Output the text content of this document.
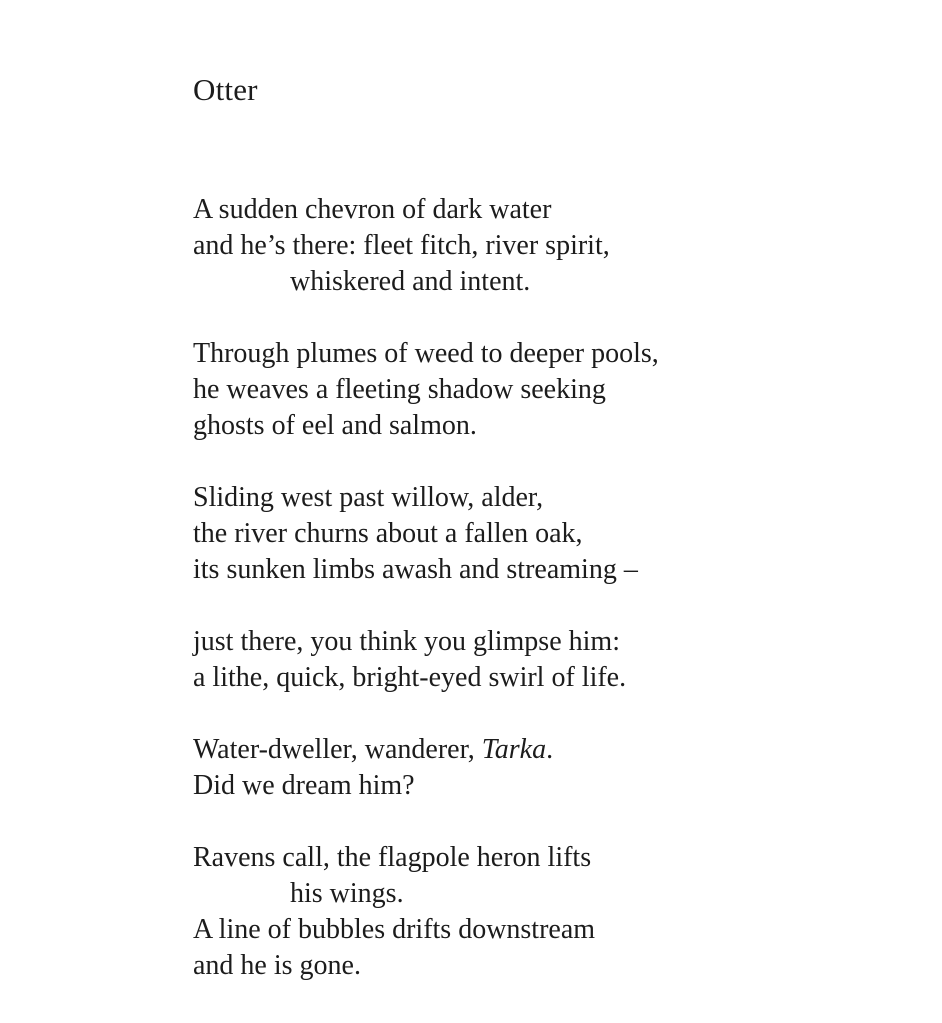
Otter
A sudden chevron of dark water
and he’s there: fleet fitch, river spirit,
whiskered and intent.
Through plumes of weed to deeper pools,
he weaves a fleeting shadow seeking
ghosts of eel and salmon.
Sliding west past willow, alder,
the river churns about a fallen oak,
its sunken limbs awash and streaming –
just there, you think you glimpse him:
a lithe, quick, bright-eyed swirl of life.
Water-dweller, wanderer, Tarka.
Did we dream him?
Ravens call, the flagpole heron lifts
his wings.
A line of bubbles drifts downstream
and he is gone.
